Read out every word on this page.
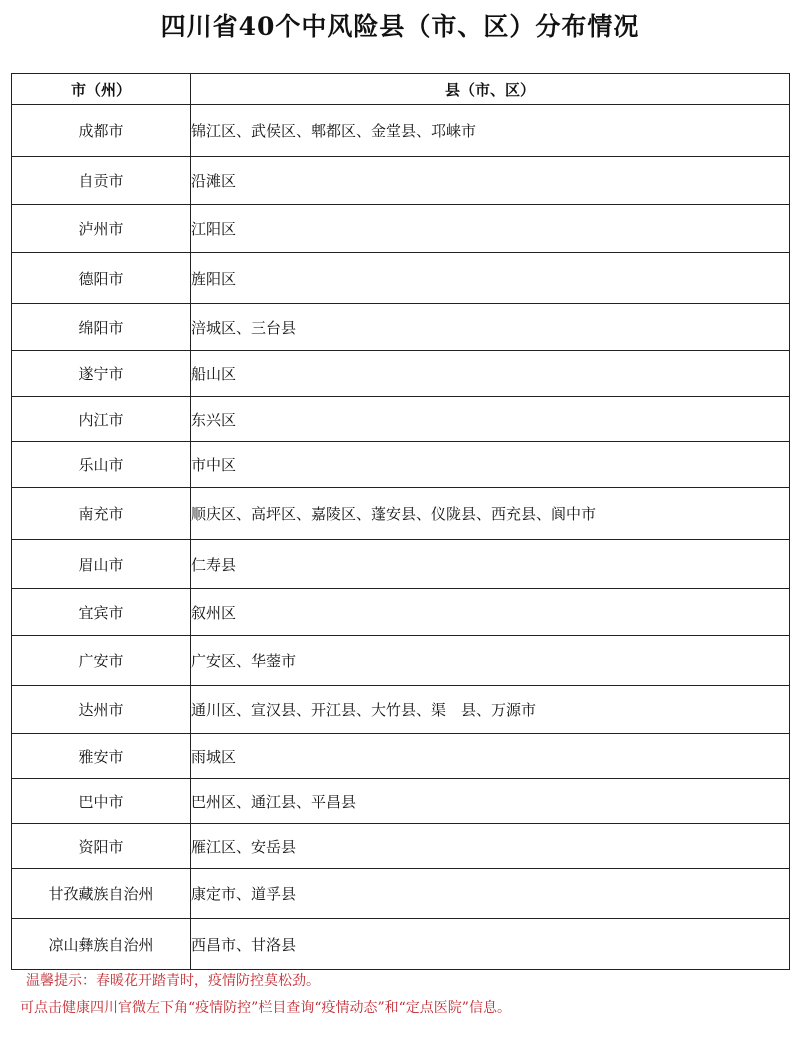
四川省40个中风险县（市、区）分布情况
市（州）	县（市、区）
成都市	锦江区、武侯区、郫都区、金堂县、邛崃市
自贡市	沿滩区
泸州市	江阳区
德阳市	旌阳区
绵阳市	涪城区、三台县
遂宁市	船山区
内江市	东兴区
乐山市	市中区
南充市	顺庆区、高坪区、嘉陵区、蓬安县、仪陇县、西充县、阆中市
眉山市	仁寿县
宜宾市	叙州区
广安市	广安区、华蓥市
达州市	通川区、宣汉县、开江县、大竹县、渠　县、万源市
雅安市	雨城区
巴中市	巴州区、通江县、平昌县
资阳市	雁江区、安岳县
甘孜藏族自治州	康定市、道孚县
凉山彝族自治州	西昌市、甘洛县
温馨提示：春暖花开踏青时，疫情防控莫松劲。
可点击健康四川官微左下角“疫情防控”栏目查询“疫情动态”和“定点医院”信息。
